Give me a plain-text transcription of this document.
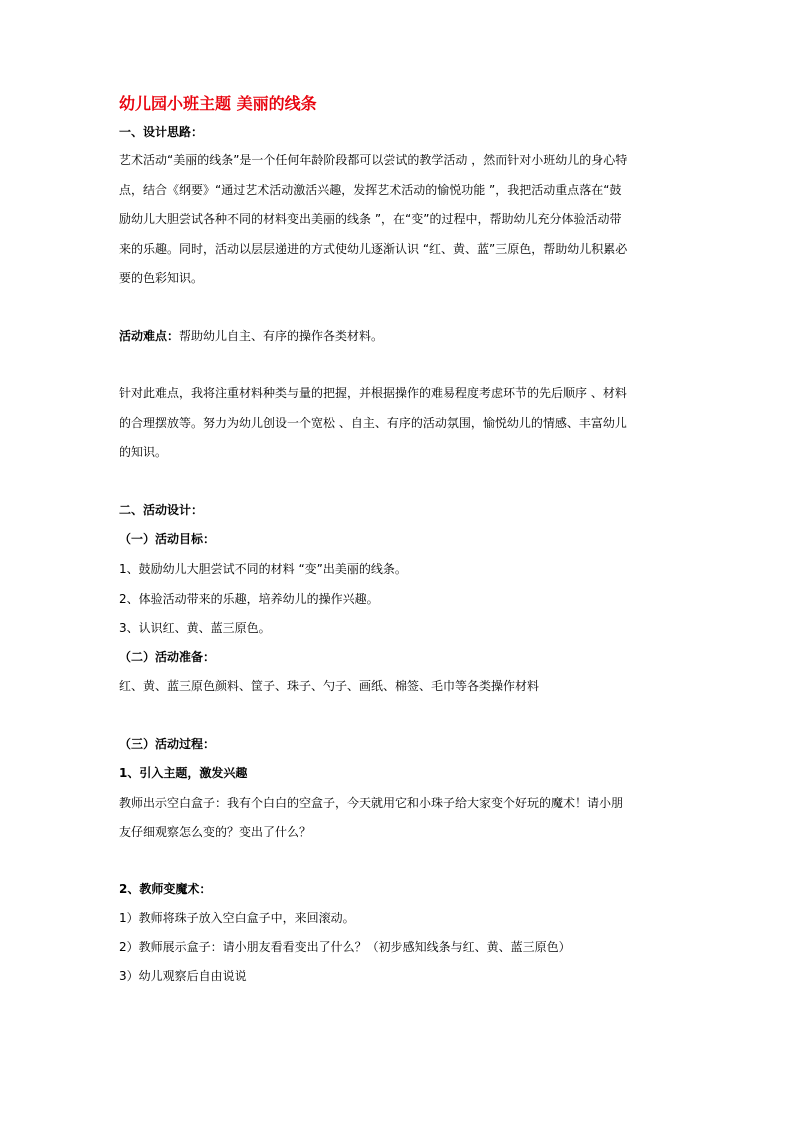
幼儿园小班主题 美丽的线条
一、设计思路：
艺术活动“美丽的线条”是一个任何年龄阶段都可以尝试的教学活动 ，然而针对小班幼儿的身心特
点，结合《纲要》“通过艺术活动激活兴趣，发挥艺术活动的愉悦功能 ”，我把活动重点落在“鼓
励幼儿大胆尝试各种不同的材料变出美丽的线条 ”，在“变”的过程中，帮助幼儿充分体验活动带
来的乐趣。同时，活动以层层递进的方式使幼儿逐渐认识 “红、黄、蓝”三原色，帮助幼儿积累必
要的色彩知识。
活动难点：帮助幼儿自主、有序的操作各类材料。
针对此难点，我将注重材料种类与量的把握，并根据操作的难易程度考虑环节的先后顺序 、材料
的合理摆放等。努力为幼儿创设一个宽松 、自主、有序的活动氛围，愉悦幼儿的情感、丰富幼儿
的知识。
二、活动设计：
（一）活动目标：
1、鼓励幼儿大胆尝试不同的材料 “变”出美丽的线条。
2、体验活动带来的乐趣，培养幼儿的操作兴趣。
3、认识红、黄、蓝三原色。
（二）活动准备：
红、黄、蓝三原色颜料、筐子、珠子、勺子、画纸、棉签、毛巾等各类操作材料
（三）活动过程：
1、引入主题，激发兴趣
教师出示空白盒子：我有个白白的空盒子，今天就用它和小珠子给大家变个好玩的魔术！请小朋
友仔细观察怎么变的？变出了什么？
2、教师变魔术：
1）教师将珠子放入空白盒子中，来回滚动。
2）教师展示盒子：请小朋友看看变出了什么？（初步感知线条与红、黄、蓝三原色）
3）幼儿观察后自由说说
